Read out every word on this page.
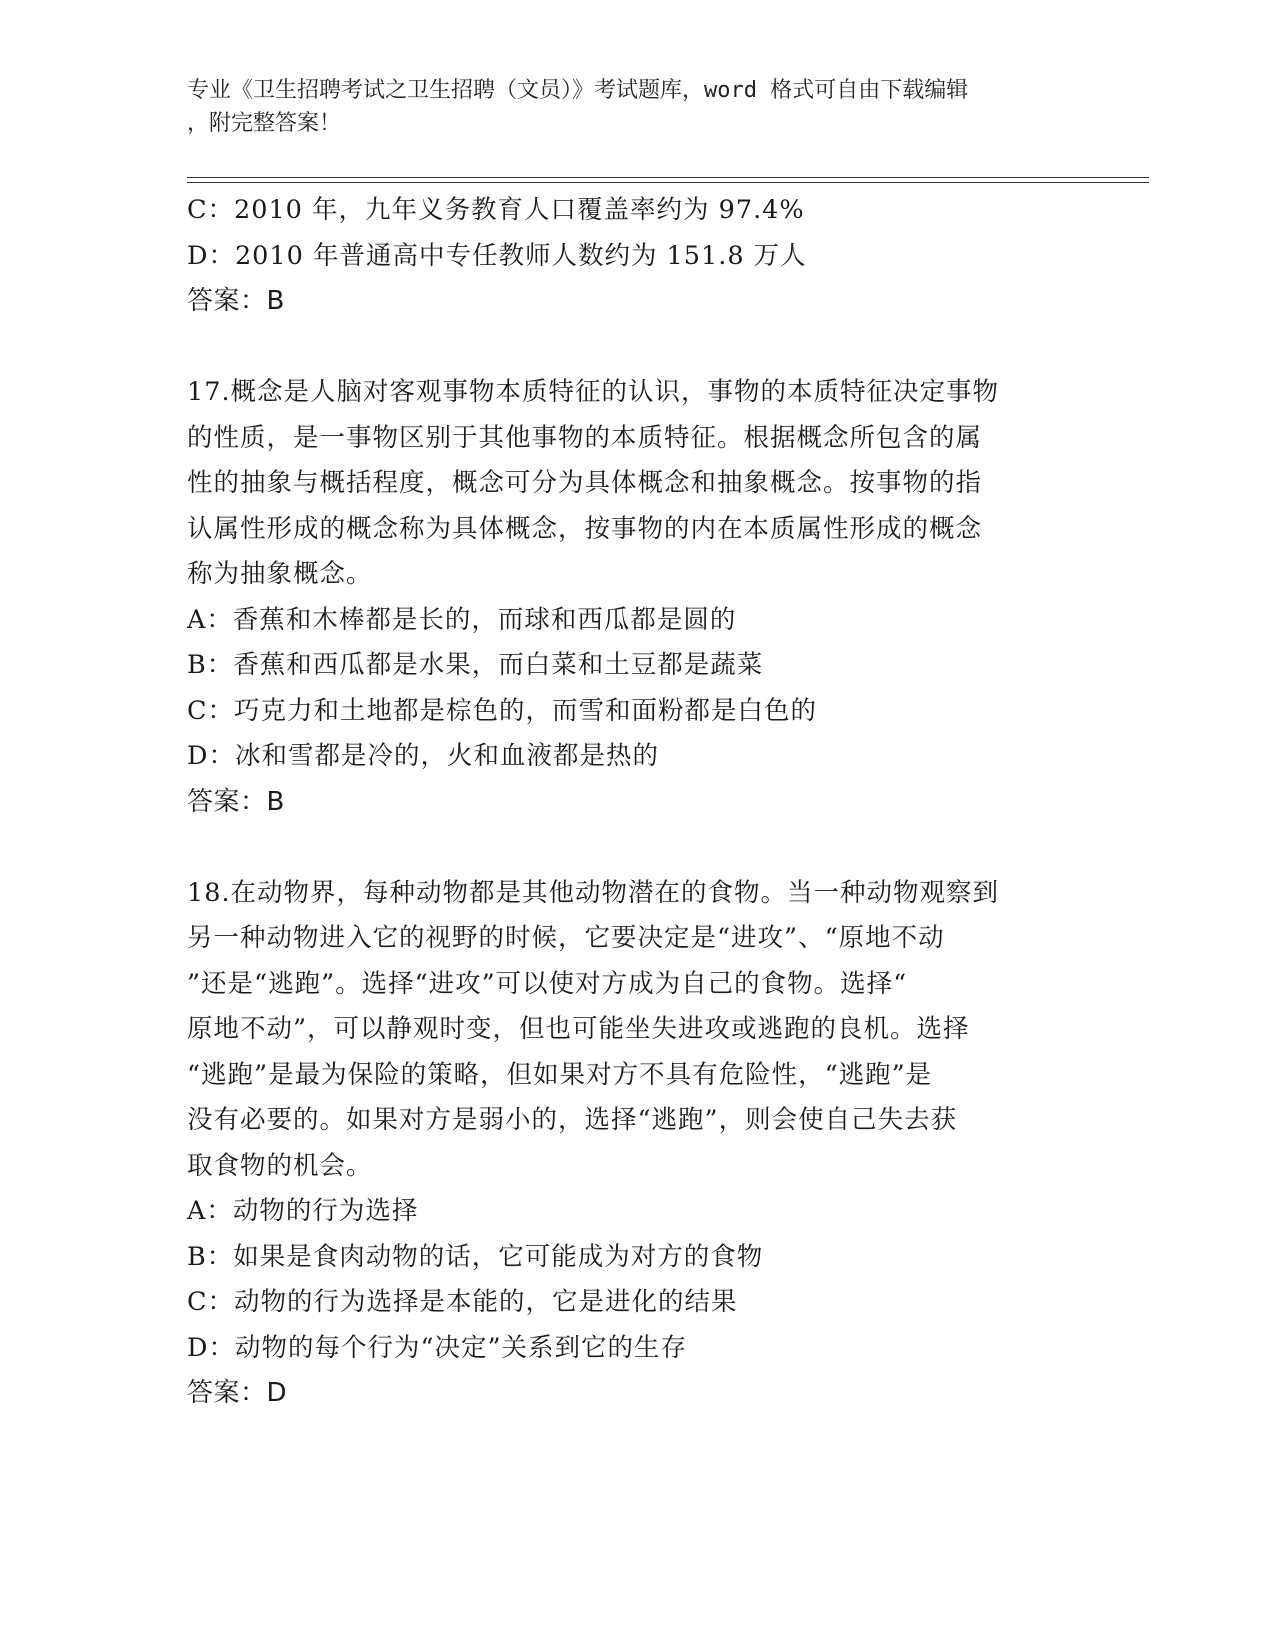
专业《卫生招聘考试之卫生招聘（文员）》考试题库，word 格式可自由下载编辑
，附完整答案！
C：2010 年，九年义务教育人口覆盖率约为 97.4%
D：2010 年普通高中专任教师人数约为 151.8 万人
答案：B
17.概念是人脑对客观事物本质特征的认识，事物的本质特征决定事物
的性质，是一事物区别于其他事物的本质特征。根据概念所包含的属
性的抽象与概括程度，概念可分为具体概念和抽象概念。按事物的指
认属性形成的概念称为具体概念，按事物的内在本质属性形成的概念
称为抽象概念。
A：香蕉和木棒都是长的，而球和西瓜都是圆的
B：香蕉和西瓜都是水果，而白菜和土豆都是蔬菜
C：巧克力和土地都是棕色的，而雪和面粉都是白色的
D：冰和雪都是冷的，火和血液都是热的
答案：B
18.在动物界，每种动物都是其他动物潜在的食物。当一种动物观察到
另一种动物进入它的视野的时候，它要决定是“进攻”、“原地不动
”还是“逃跑”。选择“进攻”可以使对方成为自己的食物。选择“
原地不动”，可以静观时变，但也可能坐失进攻或逃跑的良机。选择
“逃跑”是最为保险的策略，但如果对方不具有危险性，“逃跑”是
没有必要的。如果对方是弱小的，选择“逃跑”，则会使自己失去获
取食物的机会。
A：动物的行为选择
B：如果是食肉动物的话，它可能成为对方的食物
C：动物的行为选择是本能的，它是进化的结果
D：动物的每个行为“决定”关系到它的生存
答案：D
